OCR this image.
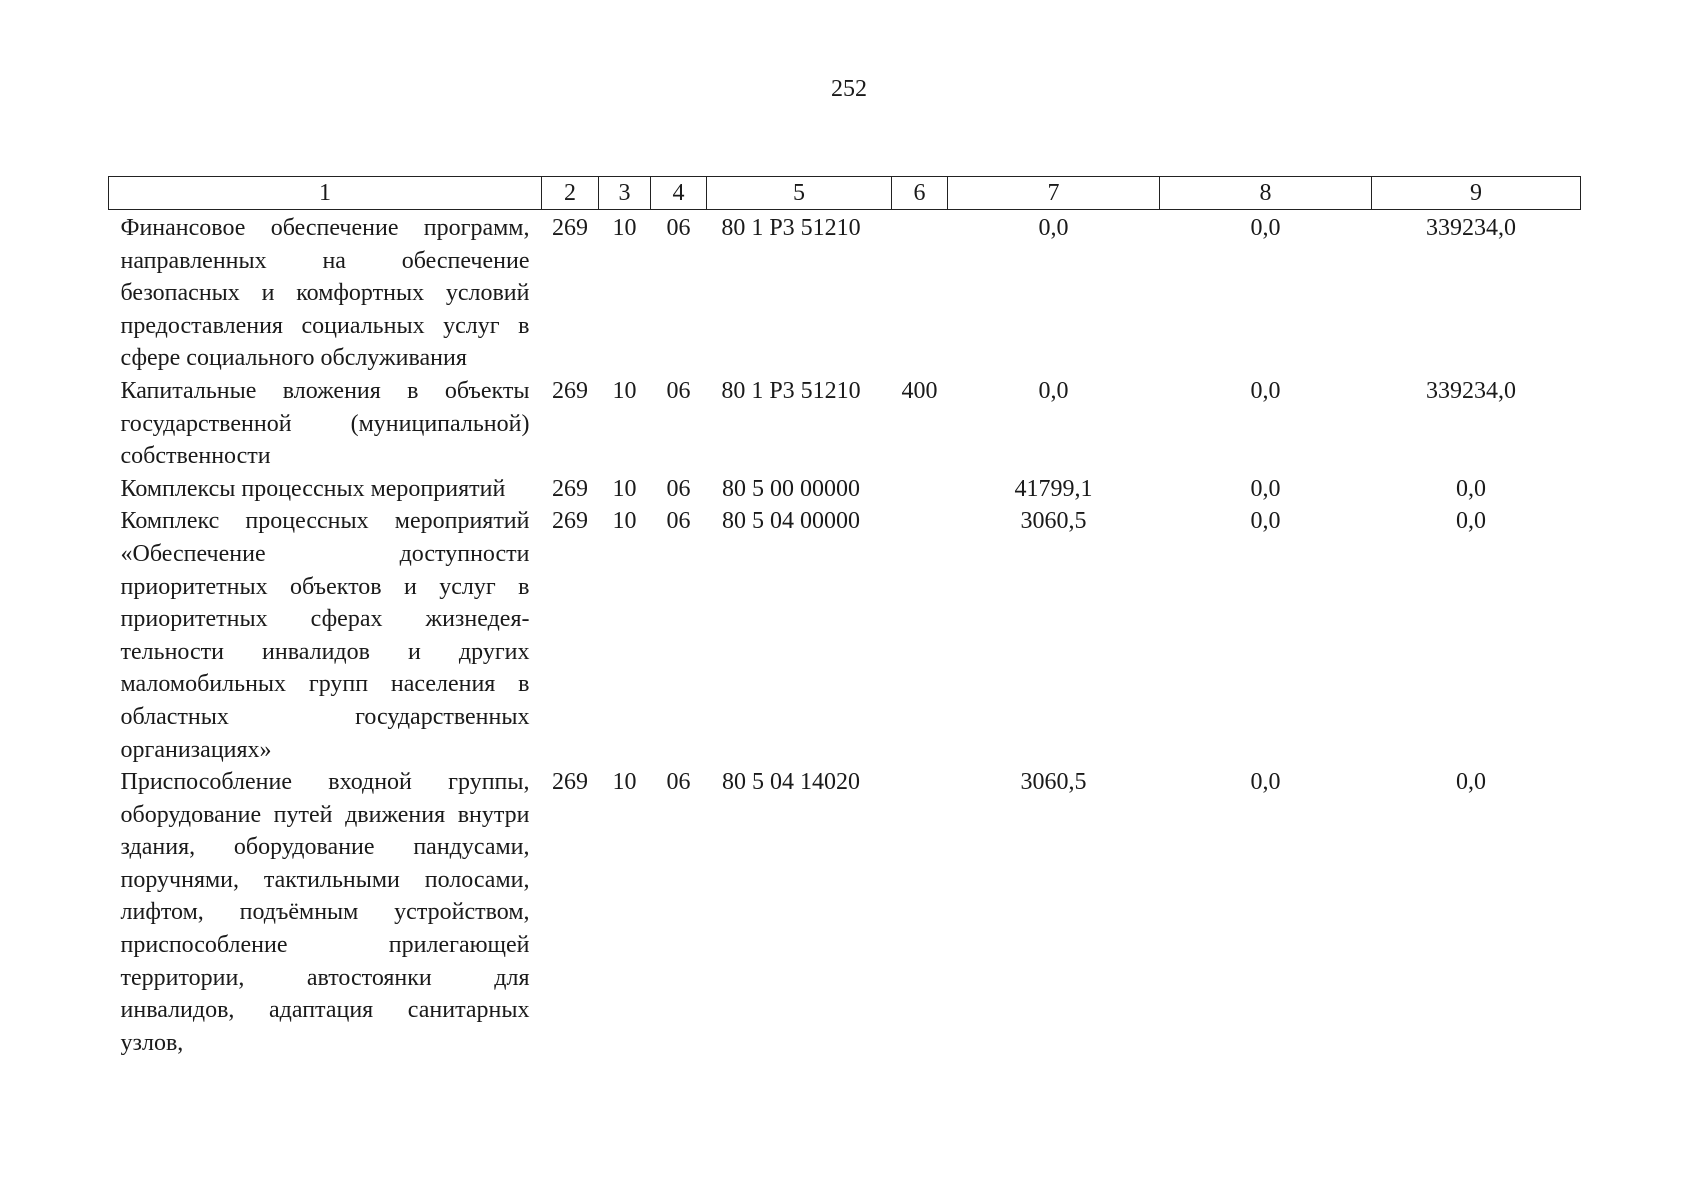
252
1	2	3	4	5	6	7	8	9
Финансовое обеспечение программ, направленных на обеспечение безопасных и комфортных условий предоставления социальных услуг в сфере социального обслуживания	269	10	06	80 1 Р3 51210		0,0	0,0	339234,0
Капитальные вложения в объекты государственной (муниципальной) собственности	269	10	06	80 1 Р3 51210	400	0,0	0,0	339234,0
Комплексы процессных мероприятий	269	10	06	80 5 00 00000		41799,1	0,0	0,0
Комплекс процессных мероприятий «Обеспечение доступности приоритетных объектов и услуг в приоритетных сферах жизнедеятельности инвалидов и других маломобильных групп населения в областных государственных организациях»	269	10	06	80 5 04 00000		3060,5	0,0	0,0
Приспособление входной группы, оборудование путей движения внутри здания, оборудование пандусами, поручнями, тактильными полосами, лифтом, подъёмным устройством, приспособление прилегающей территории, автостоянки для инвалидов, адаптация санитарных узлов,	269	10	06	80 5 04 14020		3060,5	0,0	0,0
